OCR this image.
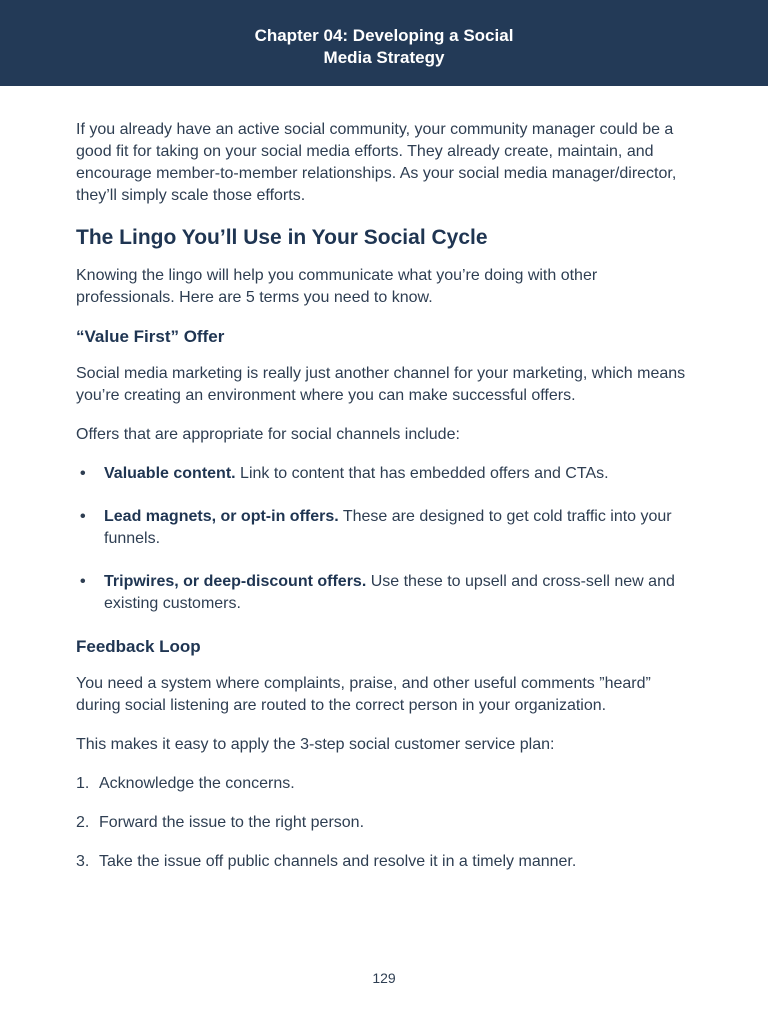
Chapter 04: Developing a Social
Media Strategy

If you already have an active social community, your community manager could be a good fit for taking on your social media efforts. They already create, maintain, and encourage member-to-member relationships. As your social media manager/director, they’ll simply scale those efforts.

The Lingo You’ll Use in Your Social Cycle

Knowing the lingo will help you communicate what you’re doing with other professionals. Here are 5 terms you need to know.

“Value First” Offer

Social media marketing is really just another channel for your marketing, which means you’re creating an environment where you can make successful offers.

Offers that are appropriate for social channels include:

• Valuable content. Link to content that has embedded offers and CTAs.
• Lead magnets, or opt-in offers. These are designed to get cold traffic into your funnels.
• Tripwires, or deep-discount offers. Use these to upsell and cross-sell new and existing customers.
Feedback Loop

You need a system where complaints, praise, and other useful comments ”heard” during social listening are routed to the correct person in your organization.

This makes it easy to apply the 3-step social customer service plan:

1. Acknowledge the concerns.
2. Forward the issue to the right person.
3. Take the issue off public channels and resolve it in a timely manner.
129
